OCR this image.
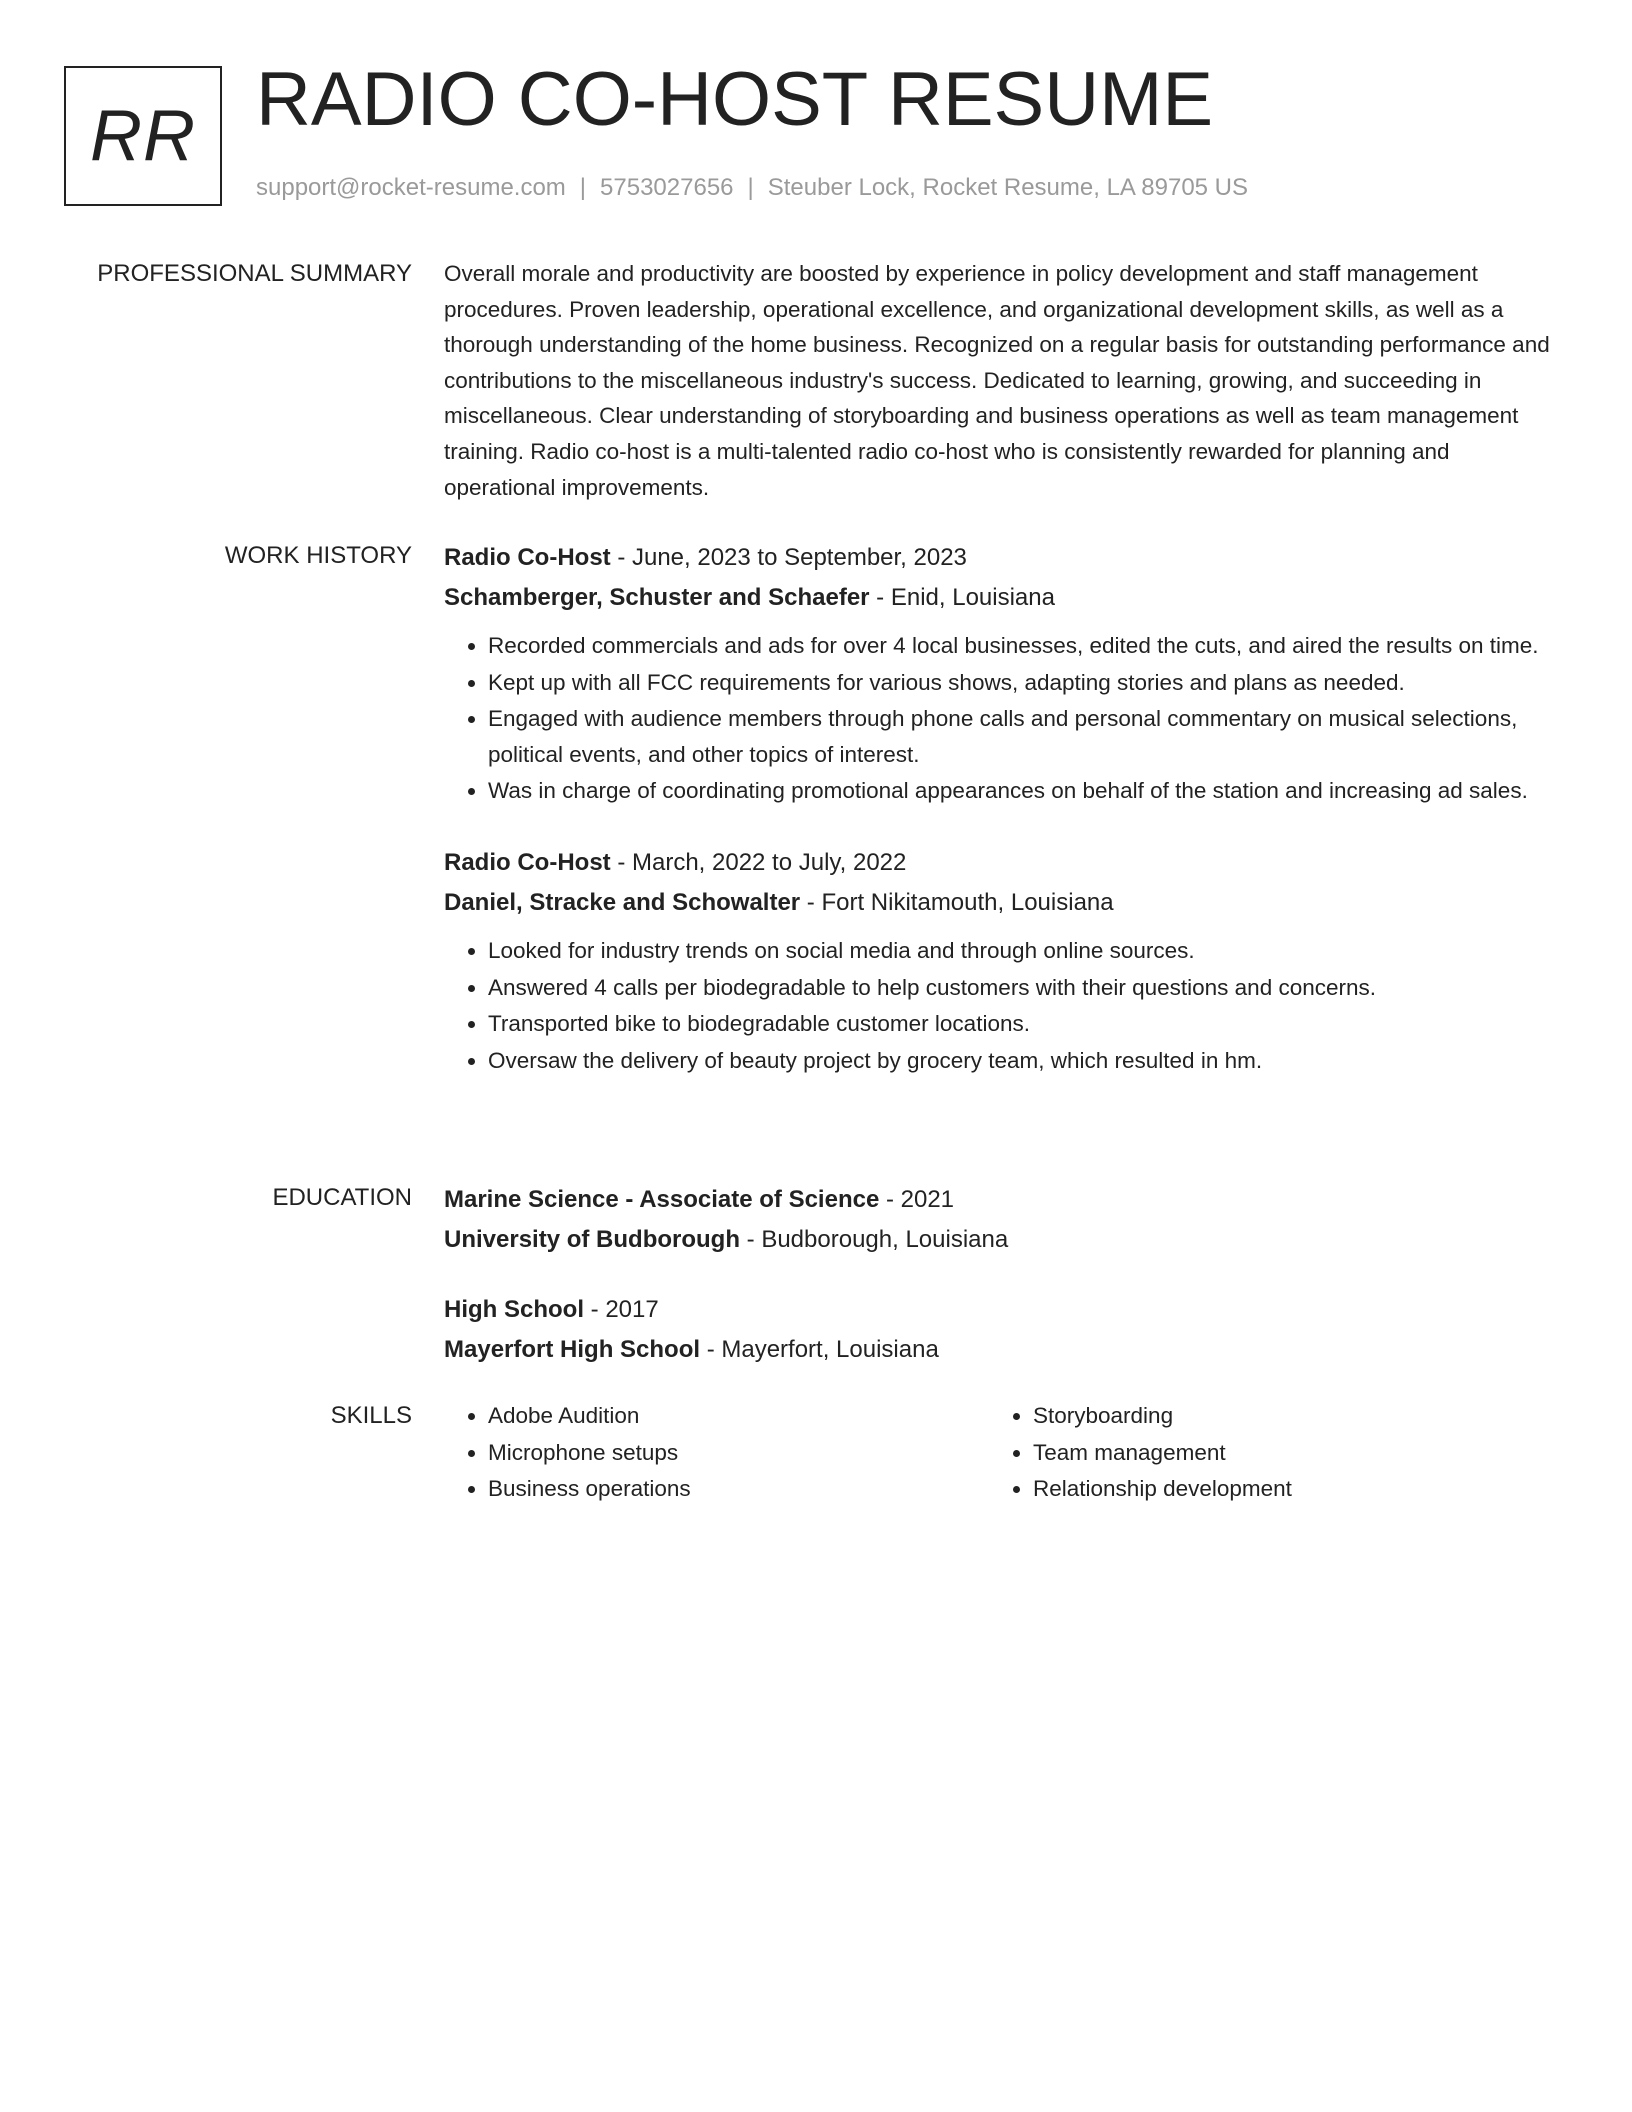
RR RADIO CO-HOST RESUME
support@rocket-resume.com | 5753027656 | Steuber Lock, Rocket Resume, LA 89705 US
PROFESSIONAL SUMMARY Overall morale and productivity are boosted by experience in policy development and staff management procedures. Proven leadership, operational excellence, and organizational development skills, as well as a thorough understanding of the home business. Recognized on a regular basis for outstanding performance and contributions to the miscellaneous industry's success. Dedicated to learning, growing, and succeeding in miscellaneous. Clear understanding of storyboarding and business operations as well as team management training. Radio co-host is a multi-talented radio co-host who is consistently rewarded for planning and operational improvements.

WORK HISTORY Radio Co-Host - June, 2023 to September, 2023
Schamberger, Schuster and Schaefer - Enid, Louisiana
• Recorded commercials and ads for over 4 local businesses, edited the cuts, and aired the results on time.
• Kept up with all FCC requirements for various shows, adapting stories and plans as needed.
• Engaged with audience members through phone calls and personal commentary on musical selections, political events, and other topics of interest.
• Was in charge of coordinating promotional appearances on behalf of the station and increasing ad sales.
Radio Co-Host - March, 2022 to July, 2022
Daniel, Stracke and Schowalter - Fort Nikitamouth, Louisiana
• Looked for industry trends on social media and through online sources.
• Answered 4 calls per biodegradable to help customers with their questions and concerns.
• Transported bike to biodegradable customer locations.
• Oversaw the delivery of beauty project by grocery team, which resulted in hm.
EDUCATION Marine Science - Associate of Science - 2021
University of Budborough - Budborough, Louisiana
High School - 2017
Mayerfort High School - Mayerfort, Louisiana
SKILLS
•	Adobe Audition
• Microphone setups
• Business operations
• Storyboarding
• Team management
• Relationship development
